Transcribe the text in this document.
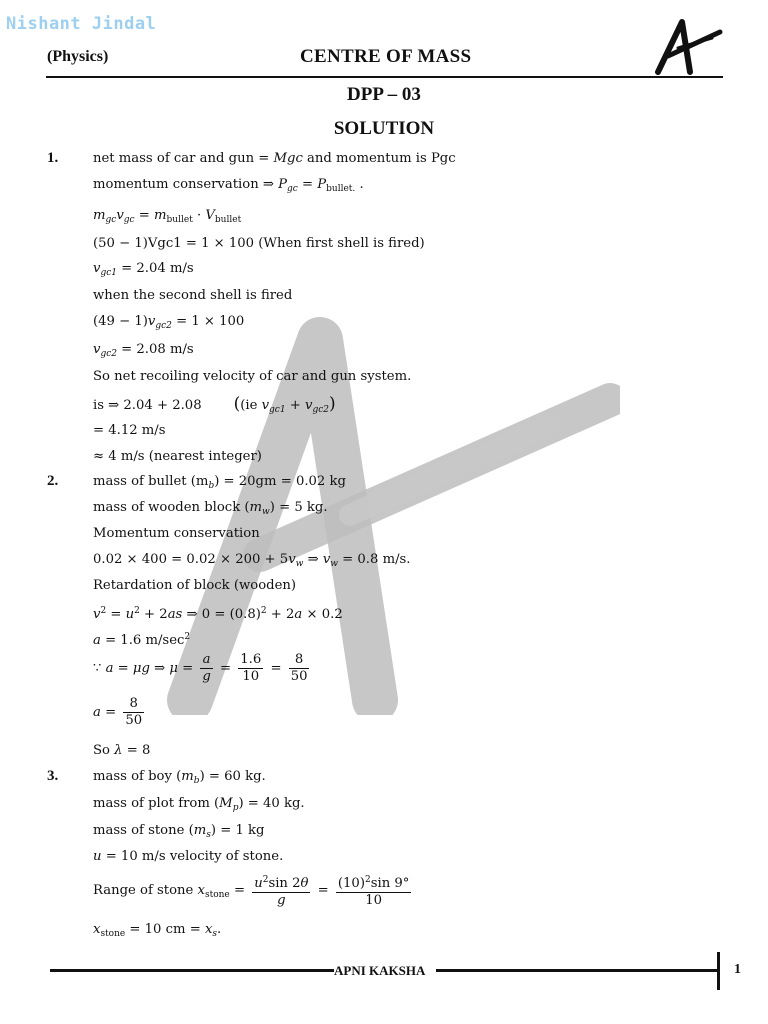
Nishant Jindal
(Physics)	CENTRE OF MASS
DPP – 03
SOLUTION
1.	net mass of car and gun = Mgc and momentum is Pgc
momentum conservation ⇒ $P_{gc} = P_{bullet.}$ .
$m_{gc}v_{gc} = m_{bullet} \cdot V_{bullet}$
(50 − 1)Vgc1 = 1 × 100 (When first shell is fired)
$v_{gc1} = 2.04$ m/s
when the second shell is fired
$(49 - 1)v_{gc2} = 1 \times 100$
$v_{gc2} = 2.08$ m/s
So net recoiling velocity of car and gun system.
is ⇒ 2.04 + 2.08 ((ie $v_{gc1} + v_{gc2}$)
= 4.12 m/s
≈ 4 m/s (nearest integer)
2.	mass of bullet $(m_b) = 20gm = 0.02$ kg
mass of wooden block $(m_w) = 5$ kg.
Momentum conservation
$0.02 \times 400 = 0.02 \times 200 + 5v_w$ ⇒ $v_w = 0.8$ m/s.
Retardation of block (wooden)
$v^2 = u^2 + 2as$ ⇒ $0 = (0.8)^2 + 2a \times 0.2$
a = 1.6 $m/\sec^2$
∵ a = μg ⇒ $\mu = \frac{a}{g} = \frac{1.6}{10} = \frac{8}{50}$
$a = \frac{8}{50}$
So λ = 8
3.	mass of boy $(m_b) = 60$ kg.
mass of plot from $(M_p) = 40$ kg.
mass of stone $(m_s) = 1$ kg
u = 10 m/s velocity of stone.
Range of stone $x_{stone} = \frac{u^2\sin 2\theta}{g} = \frac{(10)^2\sin 9^\circ}{10}$
$x_{stone} = 10$ cm = $x_s$.
APNI KAKSHA	1
